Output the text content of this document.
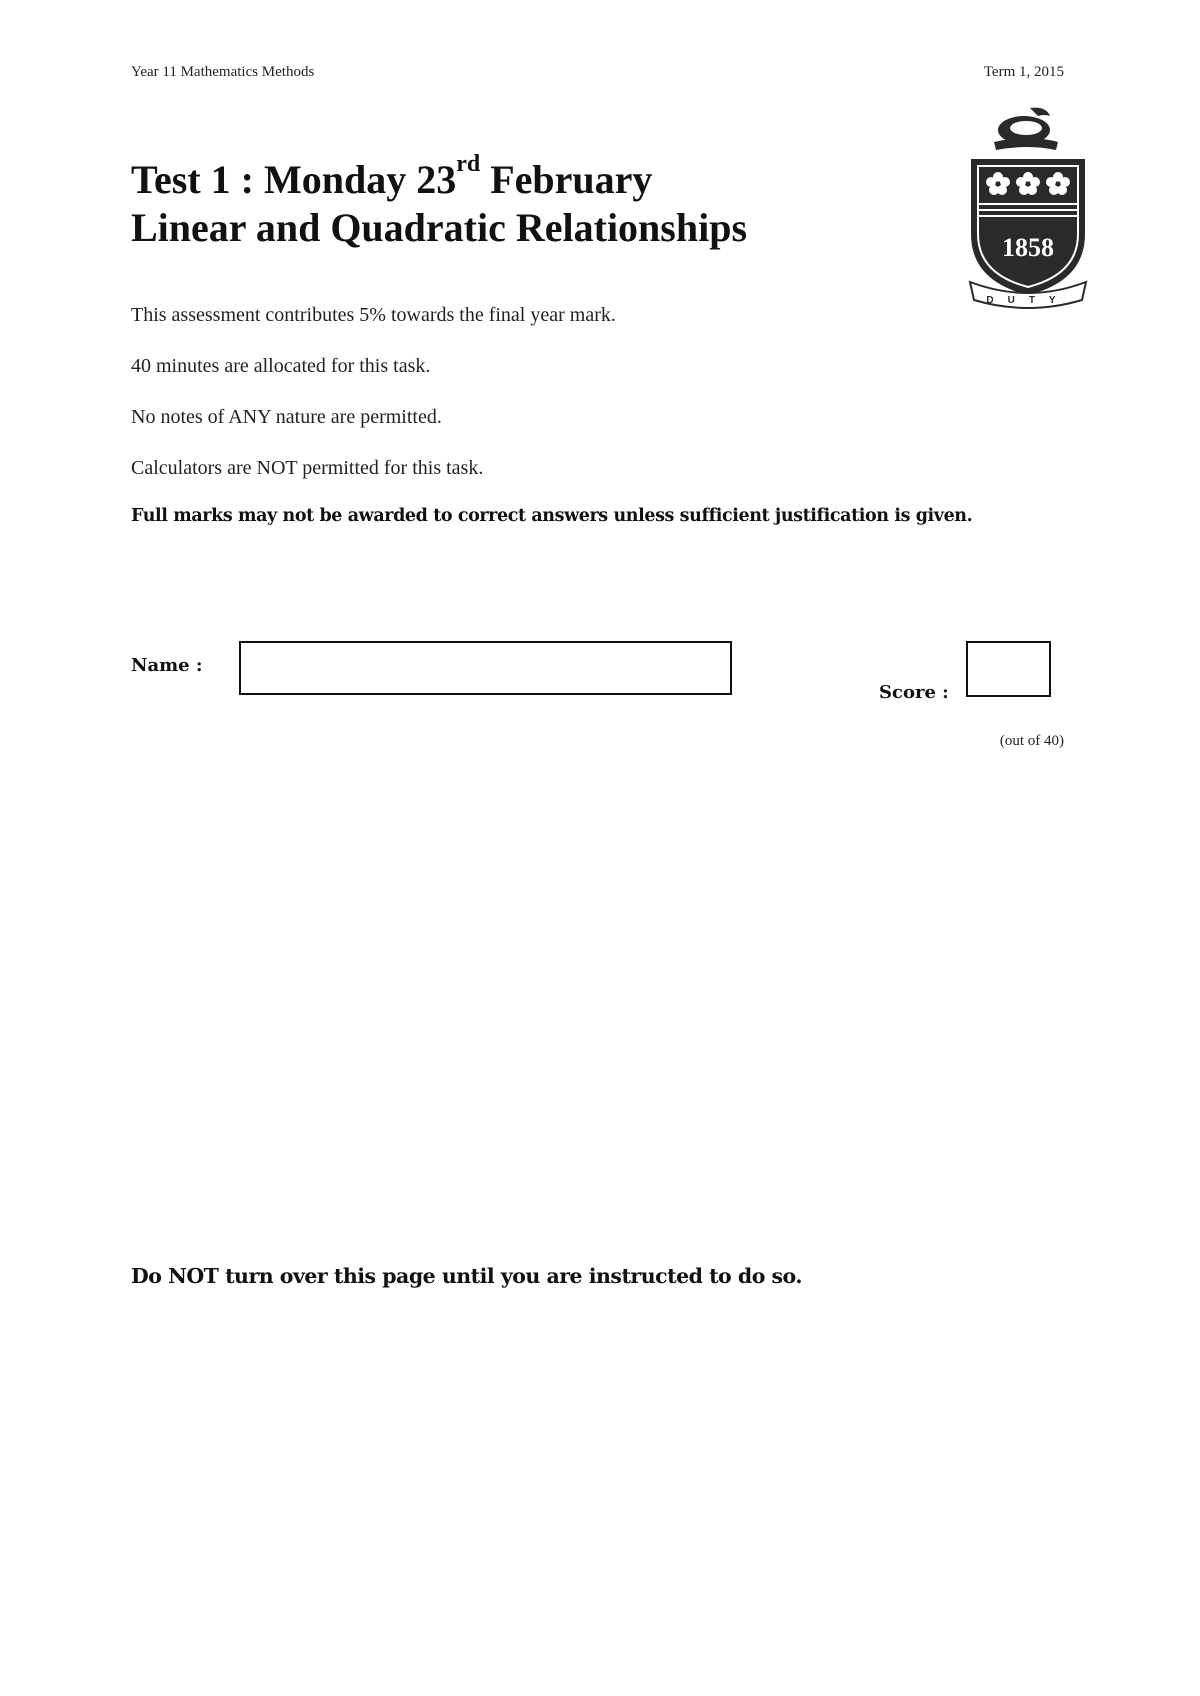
Year 11 Mathematics Methods	Term 1, 2015
Test 1 : Monday 23rd February
Linear and Quadratic Relationships	1858
DUTY
This assessment contributes 5% towards the final year mark.
40 minutes are allocated for this task.
No notes of ANY nature are permitted.
Calculators are NOT permitted for this task.
Full marks may not be awarded to correct answers unless sufficient justification is given.
Name :
Score :
(out of 40)
Do NOT turn over this page until you are instructed to do so.
